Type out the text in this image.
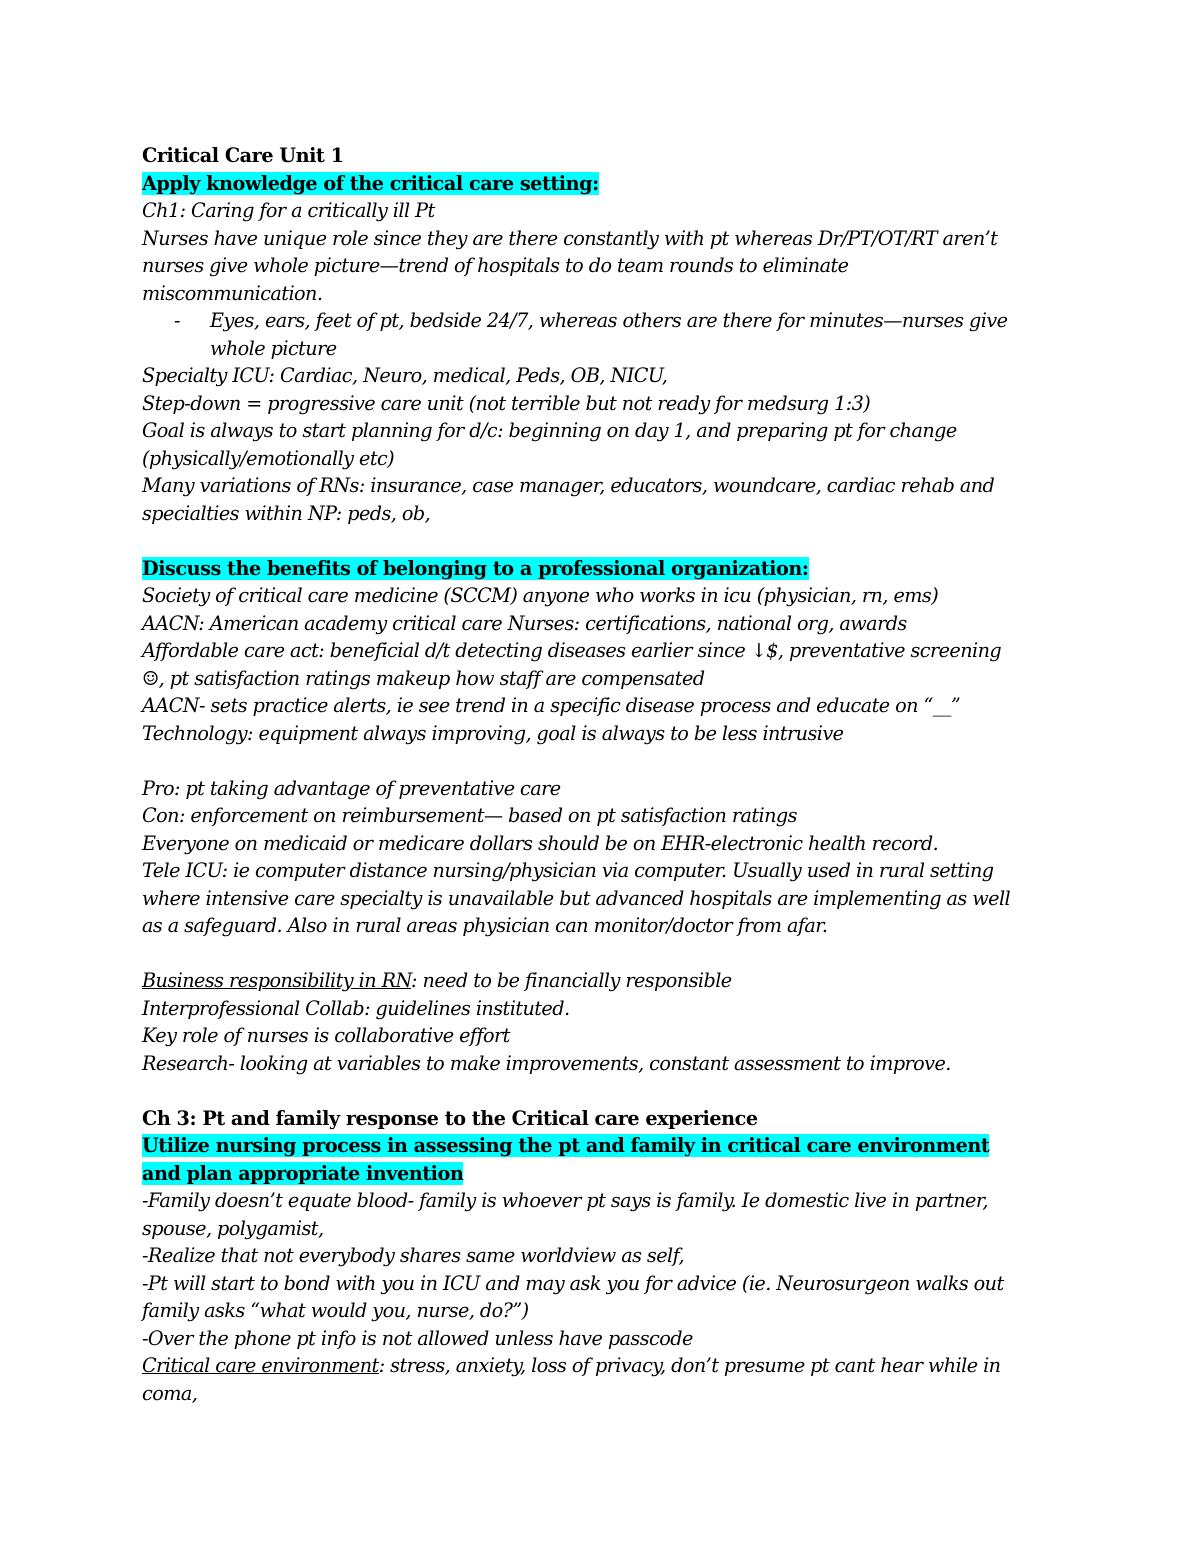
Critical Care Unit 1
Apply knowledge of the critical care setting:
Ch1: Caring for a critically ill Pt
Nurses have unique role since they are there constantly with pt whereas Dr/PT/OT/RT aren’t
nurses give whole picture—trend of hospitals to do team rounds to eliminate
miscommunication.
- Eyes, ears, feet of pt, bedside 24/7, whereas others are there for minutes—nurses give
whole picture
Specialty ICU: Cardiac, Neuro, medical, Peds, OB, NICU,
Step-down = progressive care unit (not terrible but not ready for medsurg 1:3)
Goal is always to start planning for d/c: beginning on day 1, and preparing pt for change
(physically/emotionally etc)
Many variations of RNs: insurance, case manager, educators, woundcare, cardiac rehab and
specialties within NP: peds, ob,
Discuss the benefits of belonging to a professional organization:
Society of critical care medicine (SCCM) anyone who works in icu (physician, rn, ems)
AACN: American academy critical care Nurses: certifications, national org, awards
Affordable care act: beneficial d/t detecting diseases earlier since ↓$, preventative screening
☺, pt satisfaction ratings makeup how staff are compensated
AACN- sets practice alerts, ie see trend in a specific disease process and educate on “__”
Technology: equipment always improving, goal is always to be less intrusive
Pro: pt taking advantage of preventative care
Con: enforcement on reimbursement— based on pt satisfaction ratings
Everyone on medicaid or medicare dollars should be on EHR-electronic health record.
Tele ICU: ie computer distance nursing/physician via computer. Usually used in rural setting
where intensive care specialty is unavailable but advanced hospitals are implementing as well
as a safeguard. Also in rural areas physician can monitor/doctor from afar.
Business responsibility in RN: need to be financially responsible
Interprofessional Collab: guidelines instituted.
Key role of nurses is collaborative effort
Research- looking at variables to make improvements, constant assessment to improve.
Ch 3: Pt and family response to the Critical care experience
Utilize nursing process in assessing the pt and family in critical care environment
and plan appropriate invention
-Family doesn’t equate blood- family is whoever pt says is family. Ie domestic live in partner,
spouse, polygamist,
-Realize that not everybody shares same worldview as self,
-Pt will start to bond with you in ICU and may ask you for advice (ie. Neurosurgeon walks out
family asks “what would you, nurse, do?”)
-Over the phone pt info is not allowed unless have passcode
Critical care environment: stress, anxiety, loss of privacy, don’t presume pt cant hear while in
coma,
